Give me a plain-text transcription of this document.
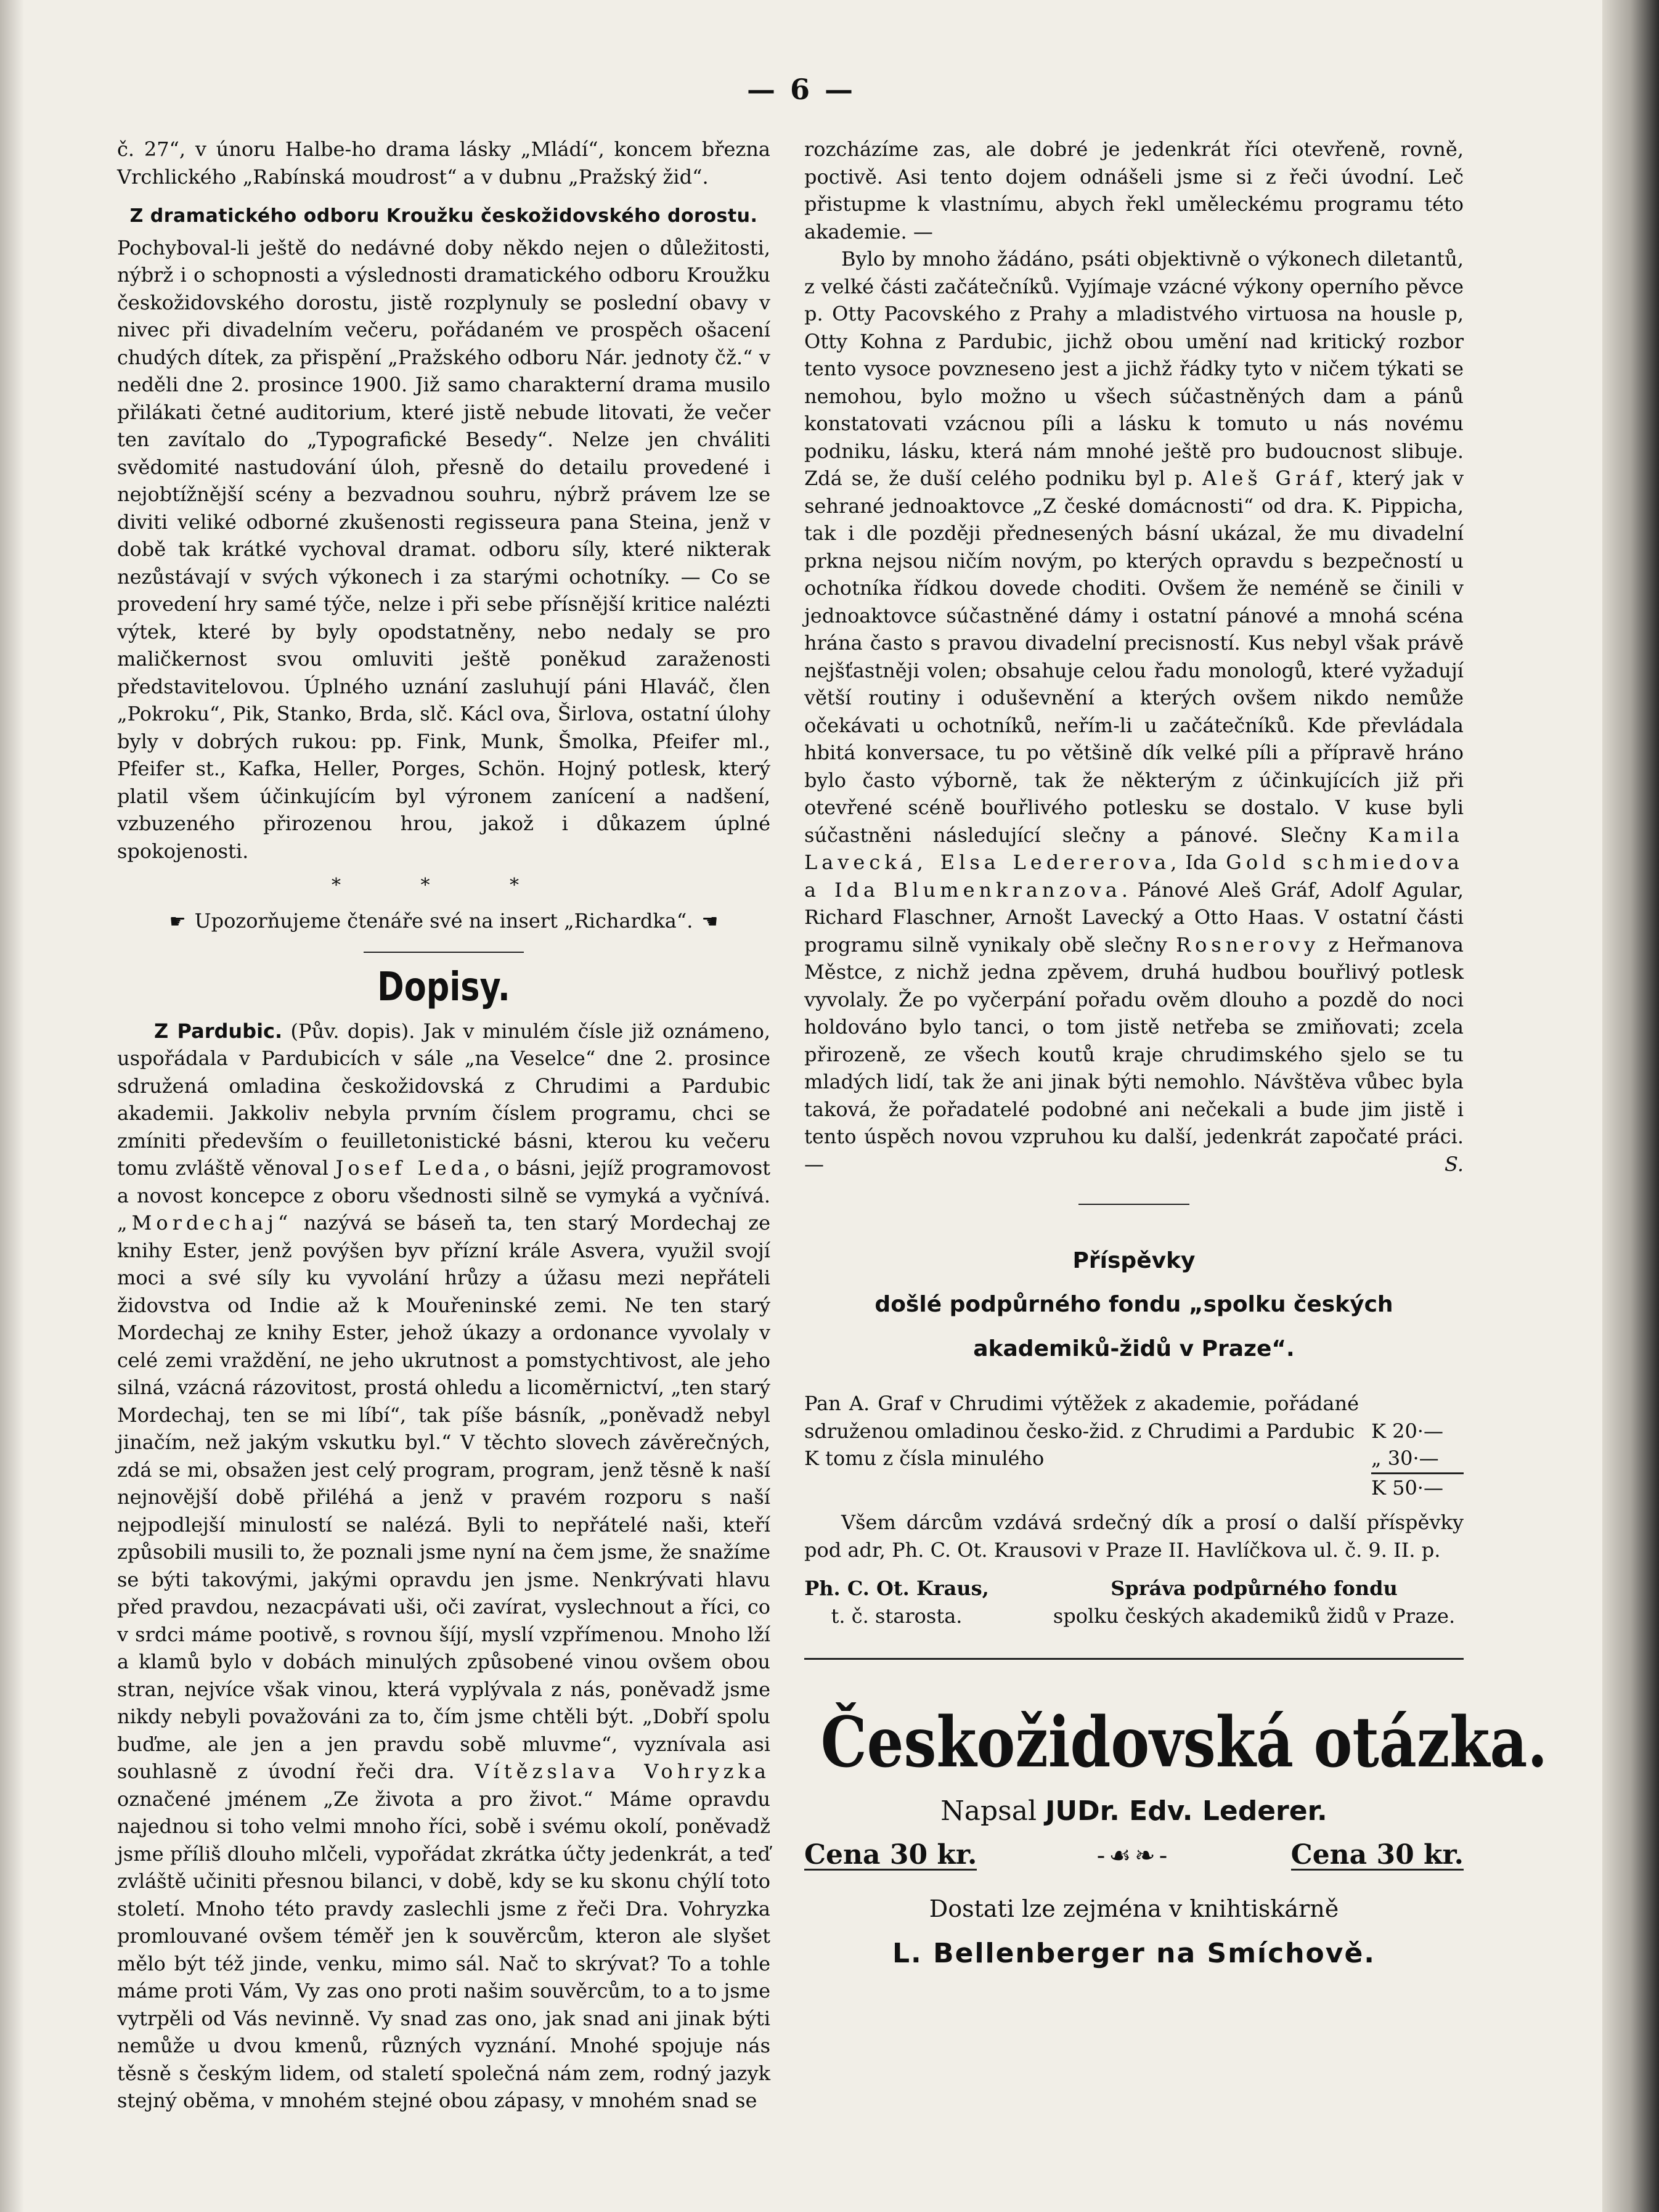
— 6 —

č. 27“, v únoru Halbe-ho drama lásky „Mládí“, koncem března Vrchlického „Rabínská moudrost“ a v dubnu „Pražský žid“.

Z dramatického odboru Kroužku českožidovského dorostu.

Pochyboval-li ještě do nedávné doby někdo nejen o důležitosti, nýbrž i o schopnosti a výslednosti dramatického odboru Kroužku českožidovského dorostu, jistě rozplynuly se poslední obavy v nivec při divadelním večeru, pořádaném ve prospěch ošacení chudých dítek, za přispění „Pražského odboru Nár. jednoty čž.“ v neděli dne 2. prosince 1900. Již samo charakterní drama musilo přilákati četné auditorium, které jistě nebude litovati, že večer ten zavítalo do „Typografické Besedy“. Nelze jen chváliti svědomité nastudování úloh, přesně do detailu provedené i nejobtížnější scény a bezvadnou souhru, nýbrž právem lze se diviti veliké odborné zkušenosti regisseura pana Steina, jenž v době tak krátké vychoval dramat. odboru síly, které nikterak nezůstávají v svých výkonech i za starými ochotníky. — Co se provedení hry samé týče, nelze i při sebe přísnější kritice nalézti výtek, které by byly opodstatněny, nebo nedaly se pro maličkernost svou omluviti ještě poněkud zaraženosti představitelovou. Úplného uznání zasluhují páni Hlaváč, člen „Pokroku“, Pik, Stanko, Brda, slč. Kácl ova, Širlova, ostatní úlohy byly v dobrých rukou: pp. Fink, Munk, Šmolka, Pfeifer ml., Pfeifer st., Kafka, Heller, Porges, Schön. Hojný potlesk, který platil všem účinkujícím byl výronem zanícení a nadšení, vzbuzeného přirozenou hrou, jakož i důkazem úplné spokojenosti.

* * *
☛ Upozorňujeme čtenáře své na insert „Richardka“. ☚
Dopisy.

Z Pardubic. (Pův. dopis). Jak v minulém čísle již oznámeno, uspořádala v Pardubicích v sále „na Veselce“ dne 2. prosince sdružená omladina českožidovská z Chrudimi a Pardubic akademii. Jakkoliv nebyla prvním číslem programu, chci se zmíniti především o feuilletonistické básni, kterou ku večeru tomu zvláště věnoval Josef Leda, o básni, jejíž programovost a novost koncepce z oboru všednosti silně se vymyká a vyčnívá. „Mordechaj“ nazývá se báseň ta, ten starý Mordechaj ze knihy Ester, jenž povýšen byv přízní krále Asvera, využil svojí moci a své síly ku vyvolání hrůzy a úžasu mezi nepřáteli židovstva od Indie až k Mouřeninské zemi. Ne ten starý Mordechaj ze knihy Ester, jehož úkazy a ordonance vyvolaly v celé zemi vraždění, ne jeho ukrutnost a pomstychtivost, ale jeho silná, vzácná rázovitost, prostá ohledu a licoměrnictví, „ten starý Mordechaj, ten se mi líbí“, tak píše básník, „poněvadž nebyl jinačím, než jakým vskutku byl.“ V těchto slovech závěrečných, zdá se mi, obsažen jest celý program, program, jenž těsně k naší nejnovější době přiléhá a jenž v pravém rozporu s naší nejpodlejší minulostí se nalézá. Byli to nepřátelé naši, kteří způsobili musili to, že poznali jsme nyní na čem jsme, že snažíme se býti takovými, jakými opravdu jen jsme. Nenkrývati hlavu před pravdou, nezacpávati uši, oči zavírat, vyslechnout a říci, co v srdci máme pootivě, s rovnou šíjí, myslí vzpřímenou. Mnoho lží a klamů bylo v dobách minulých způsobené vinou ovšem obou stran, nejvíce však vinou, která vyplývala z nás, poněvadž jsme nikdy nebyli považováni za to, čím jsme chtěli být. „Dobří spolu buďme, ale jen a jen pravdu sobě mluvme“, vyznívala asi souhlasně z úvodní řeči dra. Vítězslava Vohryzka označené jménem „Ze života a pro život.“ Máme opravdu najednou si toho velmi mnoho říci, sobě i svému okolí, poněvadž jsme příliš dlouho mlčeli, vypořádat zkrátka účty jedenkrát, a teď zvláště učiniti přesnou bilanci, v době, kdy se ku skonu chýlí toto století. Mnoho této pravdy zaslechli jsme z řeči Dra. Vohryzka promlouvané ovšem téměř jen k souvěrcům, kteron ale slyšet mělo být též jinde, venku, mimo sál. Nač to skrývat? To a tohle máme proti Vám, Vy zas ono proti našim souvěrcům, to a to jsme vytrpěli od Vás nevinně. Vy snad zas ono, jak snad ani jinak býti nemůže u dvou kmenů, různých vyznání. Mnohé spojuje nás těsně s českým lidem, od staletí společná nám zem, rodný jazyk stejný oběma, v mnohém stejné obou zápasy, v mnohém snad se

rozcházíme zas, ale dobré je jedenkrát říci otevřeně, rovně, poctivě. Asi tento dojem odnášeli jsme si z řeči úvodní. Leč přistupme k vlastnímu, abych řekl uměleckému programu této akademie. —

Bylo by mnoho žádáno, psáti objektivně o výkonech diletantů, z velké části začátečníků. Vyjímaje vzácné výkony operního pěvce p. Otty Pacovského z Prahy a mladistvého virtuosa na housle p, Otty Kohna z Pardubic, jichž obou umění nad kritický rozbor tento vysoce povzneseno jest a jichž řádky tyto v ničem týkati se nemohou, bylo možno u všech súčastněných dam a pánů konstatovati vzácnou píli a lásku k tomuto u nás novému podniku, lásku, která nám mnohé ještě pro budoucnost slibuje. Zdá se, že duší celého podniku byl p. Aleš Gráf, který jak v sehrané jednoaktovce „Z české domácnosti“ od dra. K. Pippicha, tak i dle později přednesených básní ukázal, že mu divadelní prkna nejsou ničím novým, po kterých opravdu s bezpečností u ochotníka řídkou dovede choditi. Ovšem že neméně se činili v jednoaktovce súčastněné dámy i ostatní pánové a mnohá scéna hrána často s pravou divadelní precisností. Kus nebyl však právě nejšťastněji volen; obsahuje celou řadu monologů, které vyžadují větší routiny i oduševnění a kterých ovšem nikdo nemůže očekávati u ochotníků, neřím-li u začátečníků. Kde převládala hbitá konversace, tu po většině dík velké píli a přípravě hráno bylo často výborně, tak že některým z účinkujících již při otevřené scéně bouřlivého potlesku se dostalo. V kuse byli súčastněni následující slečny a pánové. Slečny Kamila Lavecká, Elsa Ledererova, Ida Gold schmiedova a Ida Blumenkranzova. Pánové Aleš Gráf, Adolf Agular, Richard Flaschner, Arnošt Lavecký a Otto Haas. V ostatní části programu silně vynikaly obě slečny Rosnerovy z Heřmanova Městce, z nichž jedna zpěvem, druhá hudbou bouřlivý potlesk vyvolaly. Že po vyčerpání pořadu ověm dlouho a pozdě do noci holdováno bylo tanci, o tom jistě netřeba se zmiňovati; zcela přirozeně, ze všech koutů kraje chrudimského sjelo se tu mladých lidí, tak že ani jinak býti nemohlo. Návštěva vůbec byla taková, že pořadatelé podobné ani nečekali a bude jim jistě i tento úspěch novou vzpruhou ku další, jedenkrát započaté práci. —	S.

Příspěvky
došlé podpůrného fondu „spolku českých akademiků-židů v Praze“.
Pan A. Graf v Chrudimi výtěžek z akademie, pořádané sdruženou omladinou česko-žid. z Chrudimi a Pardubic K 20·—
K tomu z čísla minulého	„ 30·—
K 50·—

Všem dárcům vzdává srdečný dík a prosí o další příspěvky pod adr, Ph. C. Ot. Krausovi v Praze II. Havlíčkova ul. č. 9. II. p.

Ph. C. Ot. Kraus,
t. č. starosta.
Správa podpůrného fondu
spolku českých akademiků židů v Praze.
Českožidovská otázka.
Napsal JUDr. Edv. Lederer.
Cena 30 kr.	-☙❧-	Cena 30 kr.
Dostati lze zejména v knihtiskárně
L. Bellenberger na Smíchově.
